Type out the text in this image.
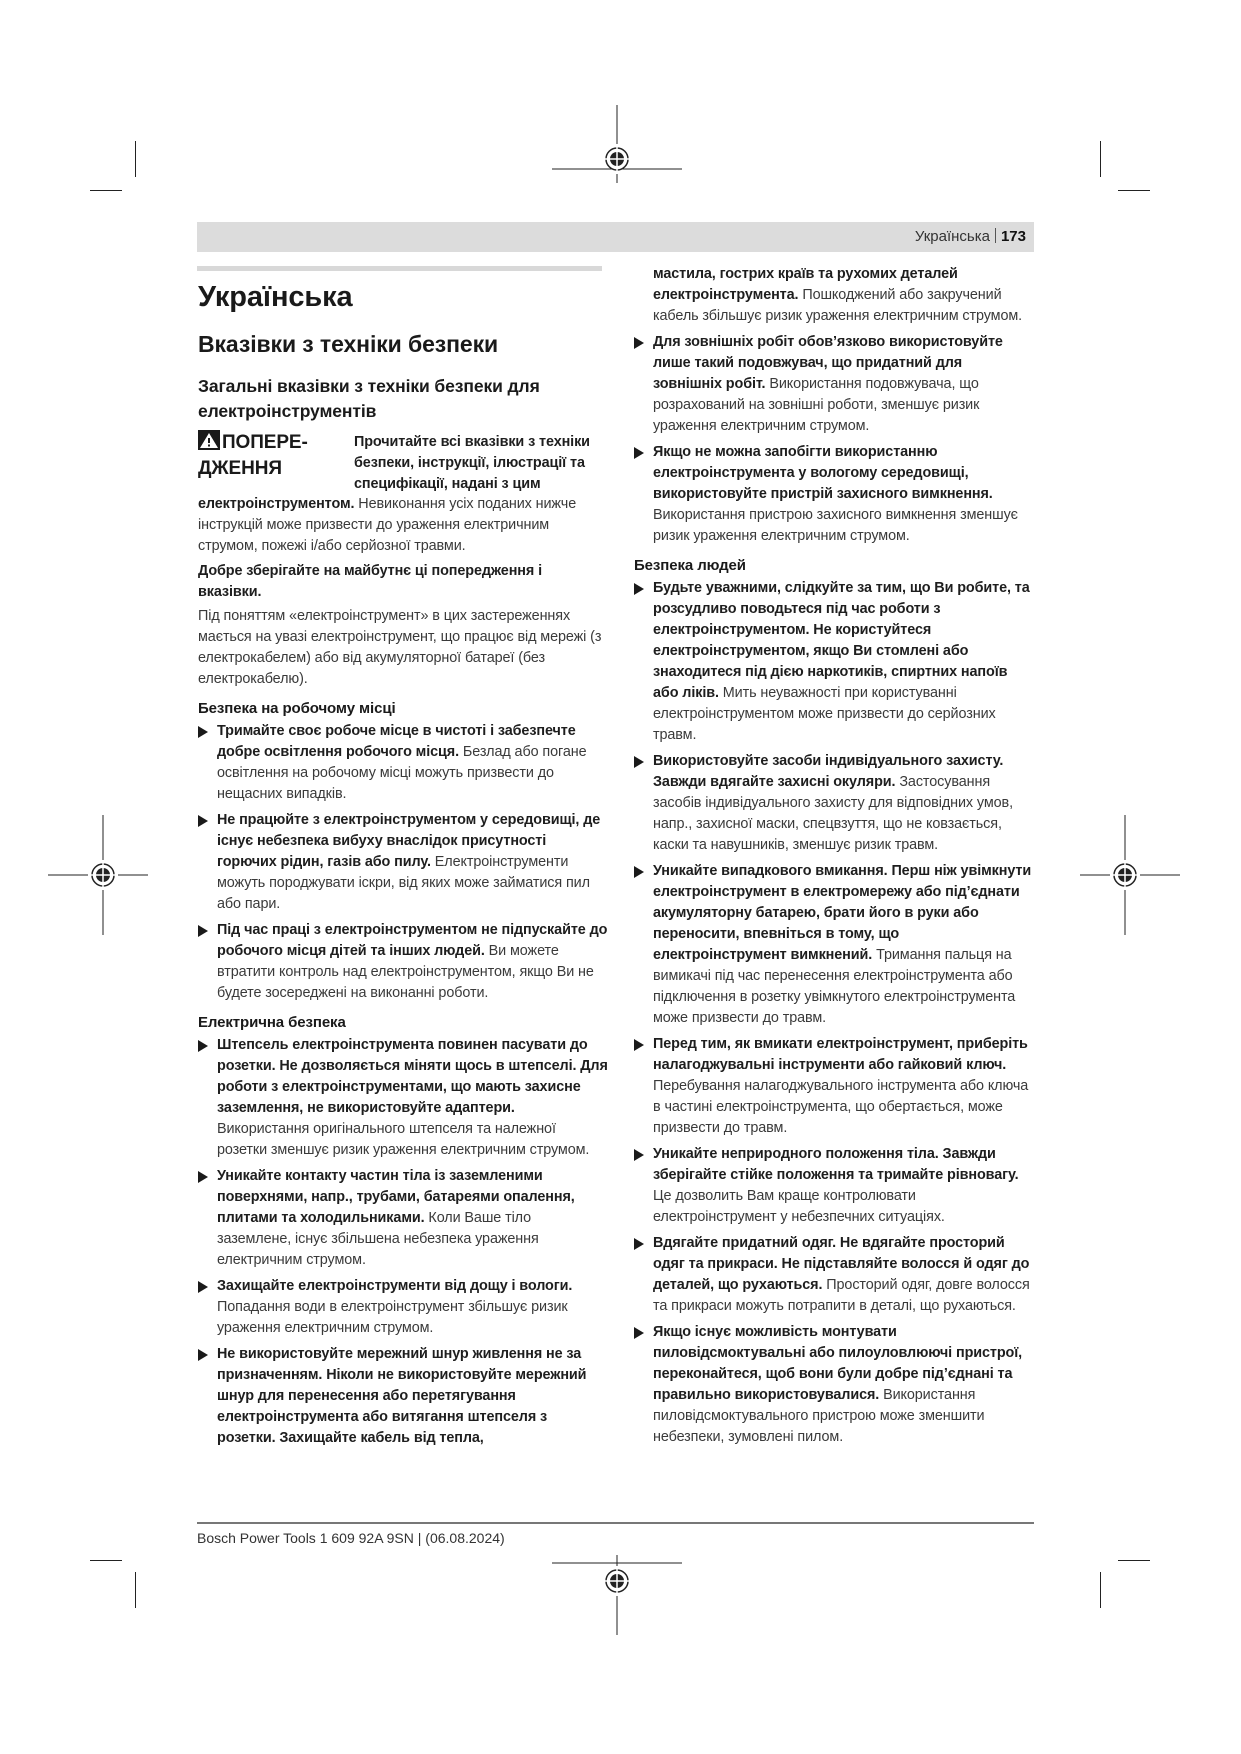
Українська 173
Українська
Вказівки з техніки безпеки
Загальні вказівки з техніки безпеки для електроінструментів
ПОПЕРЕ-
ДЖЕННЯ
Прочитайте всі вказівки з техніки безпеки, інструкції, ілюстрації та специфікації, надані з цим

електроінструментом. Невиконання усіх поданих нижче інструкцій може призвести до ураження електричним струмом, пожежі і/або серйозної травми.

Добре зберігайте на майбутнє ці попередження і вказівки.

Під поняттям «електроінструмент» в цих застереженнях мається на увазі електроінструмент, що працює від мережі (з електрокабелем) або від акумуляторної батареї (без електрокабелю).

Безпека на робочому місці
Тримайте своє робоче місце в чистоті і забезпечте добре освітлення робочого місця. Безлад або погане освітлення на робочому місці можуть призвести до нещасних випадків.
Не працюйте з електроінструментом у середовищі, де існує небезпека вибуху внаслідок присутності горючих рідин, газів або пилу. Електроінструменти можуть породжувати іскри, від яких може займатися пил або пари.
Під час праці з електроінструментом не підпускайте до робочого місця дітей та інших людей. Ви можете втратити контроль над електроінструментом, якщо Ви не будете зосереджені на виконанні роботи.
Електрична безпека
Штепсель електроінструмента повинен пасувати до розетки. Не дозволяється міняти щось в штепселі. Для роботи з електроінструментами, що мають захисне заземлення, не використовуйте адаптери. Використання оригінального штепселя та належної розетки зменшує ризик ураження електричним струмом.
Уникайте контакту частин тіла із заземленими поверхнями, напр., трубами, батареями опалення, плитами та холодильниками. Коли Ваше тіло заземлене, існує збільшена небезпека ураження електричним струмом.
Захищайте електроінструменти від дощу і вологи. Попадання води в електроінструмент збільшує ризик ураження електричним струмом.
Не використовуйте мережний шнур живлення не за призначенням. Ніколи не використовуйте мережний шнур для перенесення або перетягування електроінструмента або витягання штепселя з розетки. Захищайте кабель від тепла,
мастила, гострих країв та рухомих деталей електроінструмента. Пошкоджений або закручений кабель збільшує ризик ураження електричним струмом.
Для зовнішніх робіт обов’язково використовуйте лише такий подовжувач, що придатний для зовнішніх робіт. Використання подовжувача, що розрахований на зовнішні роботи, зменшує ризик ураження електричним струмом.
Якщо не можна запобігти використанню електроінструмента у вологому середовищі, використовуйте пристрій захисного вимкнення. Використання пристрою захисного вимкнення зменшує ризик ураження електричним струмом.
Безпека людей
Будьте уважними, слідкуйте за тим, що Ви робите, та розсудливо поводьтеся під час роботи з електроінструментом. Не користуйтеся електроінструментом, якщо Ви стомлені або знаходитеся під дією наркотиків, спиртних напоїв або ліків. Мить неуважності при користуванні електроінструментом може призвести до серйозних травм.
Використовуйте засоби індивідуального захисту. Завжди вдягайте захисні окуляри. Застосування засобів індивідуального захисту для відповідних умов, напр., захисної маски, спецвзуття, що не ковзається, каски та навушників, зменшує ризик травм.
Уникайте випадкового вмикання. Перш ніж увімкнути електроінструмент в електромережу або під’єднати акумуляторну батарею, брати його в руки або переносити, впевніться в тому, що електроінструмент вимкнений. Тримання пальця на вимикачі під час перенесення електроінструмента або підключення в розетку увімкнутого електроінструмента може призвести до травм.
Перед тим, як вмикати електроінструмент, приберіть налагоджувальні інструменти або гайковий ключ. Перебування налагоджувального інструмента або ключа в частині електроінструмента, що обертається, може призвести до травм.
Уникайте неприродного положення тіла. Завжди зберігайте стійке положення та тримайте рівновагу. Це дозволить Вам краще контролювати електроінструмент у небезпечних ситуаціях.
Вдягайте придатний одяг. Не вдягайте просторий одяг та прикраси. Не підставляйте волосся й одяг до деталей, що рухаються. Просторий одяг, довге волосся та прикраси можуть потрапити в деталі, що рухаються.
Якщо існує можливість монтувати пиловідсмоктувальні або пилоуловлюючі пристрої, переконайтеся, щоб вони були добре під’єднані та правильно використовувалися. Використання пиловідсмоктувального пристрою може зменшити небезпеки, зумовлені пилом.
Bosch Power Tools 1 609 92A 9SN | (06.08.2024)
